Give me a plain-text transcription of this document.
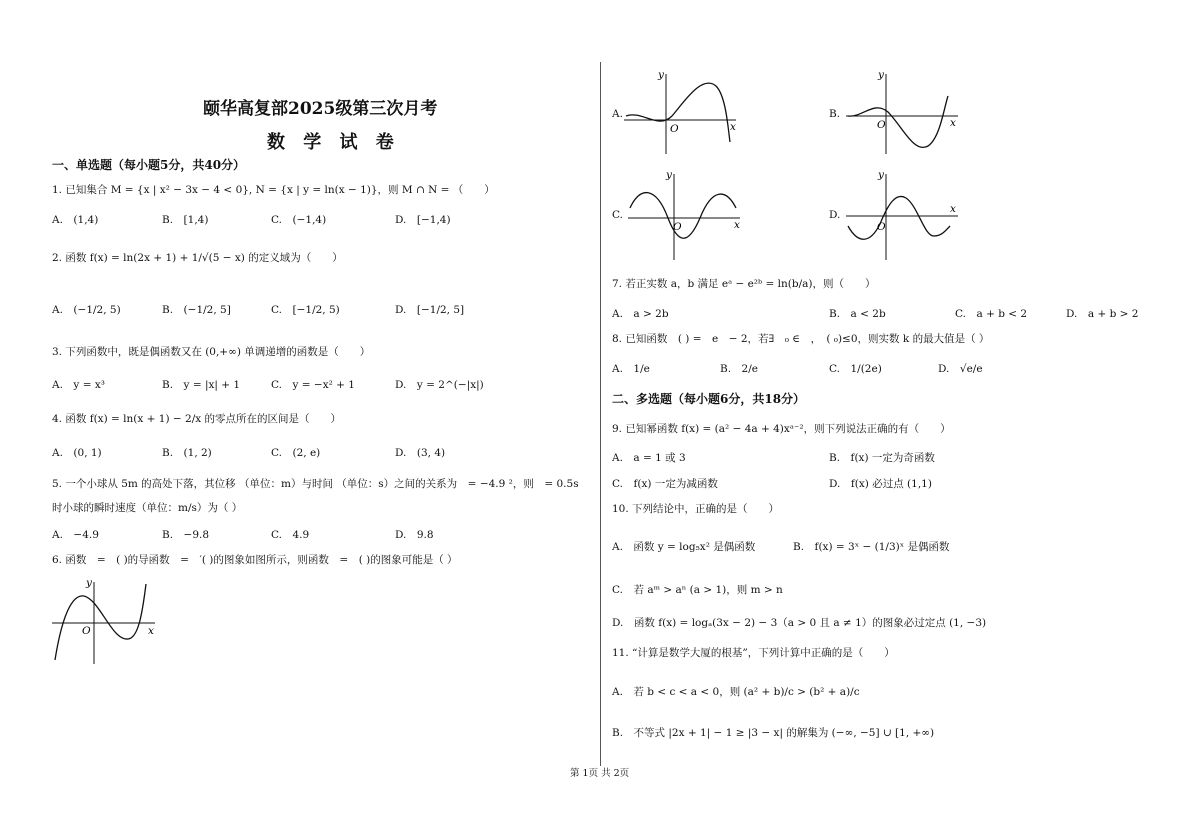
颐华高复部2025级第三次月考
数 学 试 卷
一、单选题（每小题5分，共40分）
1. 已知集合 M = {x | x² − 3x − 4 < 0}, N = {x | y = ln(x − 1)}，则 M ∩ N = （　　）
A.　(1,4)	B.　[1,4)	C.　(−1,4)	D.　[−1,4)
2. 函数 f(x) = ln(2x + 1) + 1/√(5 − x) 的定义域为（　　）
A.　(−1/2, 5)	B.　(−1/2, 5]	C.　[−1/2, 5)	D.　[−1/2, 5]
3. 下列函数中，既是偶函数又在 (0,+∞) 单调递增的函数是（　　）
A.　y = x³	B.　y = |x| + 1	C.　y = −x² + 1	D.　y = 2^(−|x|)
4. 函数 f(x) = ln(x + 1) − 2/x 的零点所在的区间是（　　）
A.　(0, 1)	B.　(1, 2)	C.　(2, e)	D.　(3, 4)
5. 一个小球从 5m 的高处下落，其位移 （单位：m）与时间 （单位：s）之间的关系为　= −4.9 ²，则　= 0.5s
时小球的瞬时速度（单位：m/s）为（ ）
A.　−4.9	B.　−9.8	C.　4.9	D.　9.8
6. 函数　=　( )的导函数　=　′( )的图象如图所示，则函数　=　( )的图象可能是（ ）
y
x
O
A.
y
x
O
B.
y
x
O
C.
y
x
O
D.
y
x
O
7. 若正实数 a，b 满足 eᵃ − e²ᵇ = ln(b/a)，则（　　）
A.　a > 2b	B.　a < 2b	C.　a + b < 2	D.　a + b > 2
8. 已知函数　( ) =　e　− 2，若∃　₀ ∈　，　( ₀)≤0，则实数 k 的最大值是（ ）
A.　1/e	B.　2/e	C.　1/(2e)	D.　√e/e
二、多选题（每小题6分，共18分）
9. 已知幂函数 f(x) = (a² − 4a + 4)xᵃ⁻²，则下列说法正确的有（　　）
A.　a = 1 或 3	B.　f(x) 一定为奇函数
C.　f(x) 一定为减函数	D.　f(x) 必过点 (1,1)
10. 下列结论中，正确的是（　　）
A.　函数 y = log₅x² 是偶函数	B.　f(x) = 3ˣ − (1/3)ˣ 是偶函数
C.　若 aᵐ > aⁿ (a > 1)，则 m > n
D.　函数 f(x) = logₐ(3x − 2) − 3（a > 0 且 a ≠ 1）的图象必过定点 (1, −3)
11. “计算是数学大厦的根基”，下列计算中正确的是（　　）
A.　若 b < c < a < 0，则 (a² + b)/c > (b² + a)/c
B.　不等式 |2x + 1| − 1 ≥ |3 − x| 的解集为 (−∞, −5] ∪ [1, +∞)
第 1页 共 2页
